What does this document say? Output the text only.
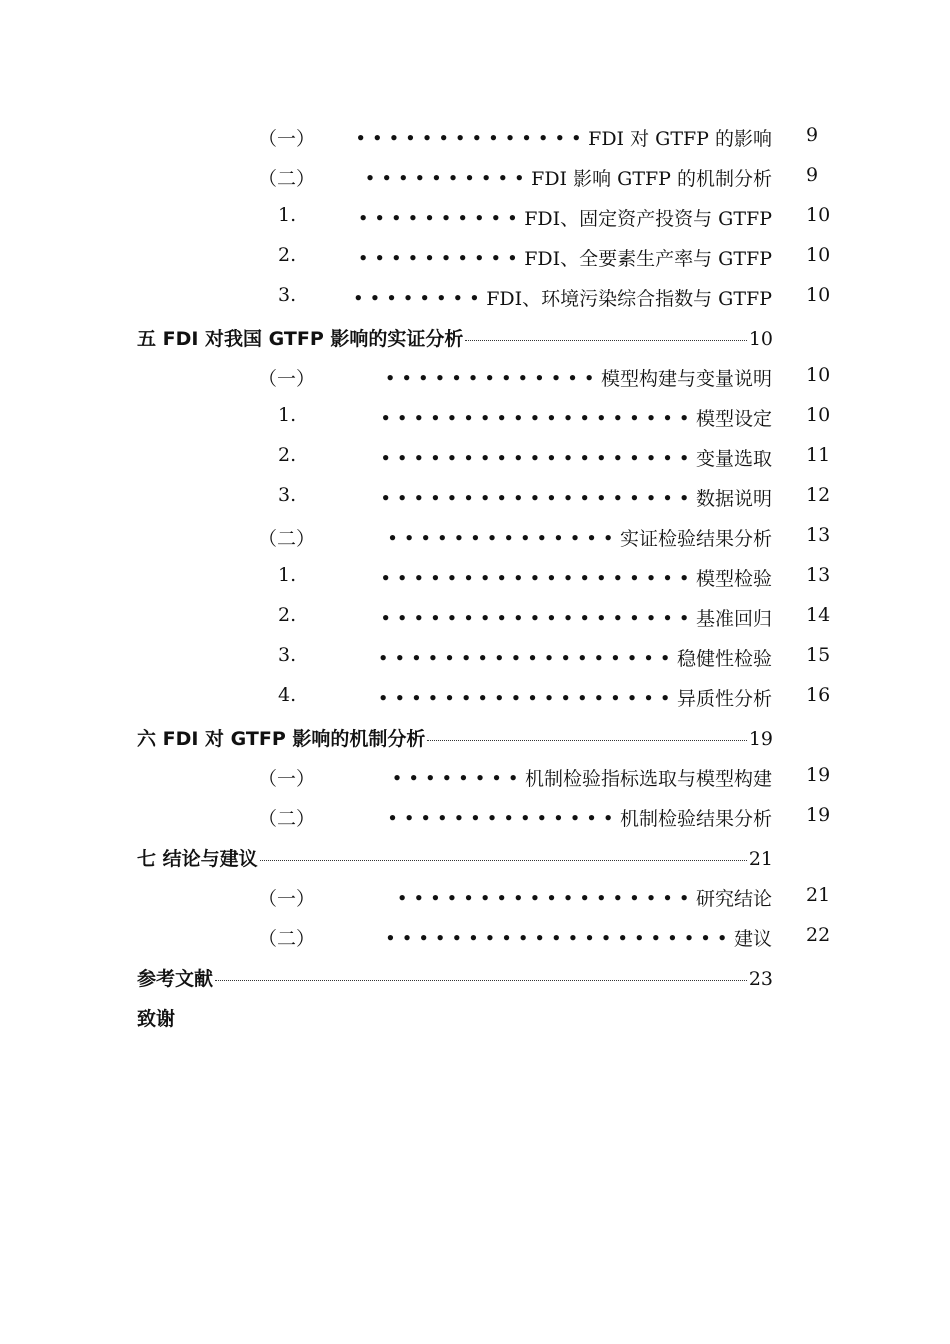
（一）	•••••••••••••• FDI 对 GTFP 的影响 9
（二）	•••••••••• FDI 影响 GTFP 的机制分析 9
1.	•••••••••• FDI、固定资产投资与 GTFP 10
2.	•••••••••• FDI、全要素生产率与 GTFP 10
3.	•••••••• FDI、环境污染综合指数与 GTFP 10
五 FDI 对我国 GTFP 影响的实证分析	10
（一）	••••••••••••• 模型构建与变量说明 10
1.	••••••••••••••••••• 模型设定 10
2.	••••••••••••••••••• 变量选取 11
3.	••••••••••••••••••• 数据说明 12
（二）	•••••••••••••• 实证检验结果分析 13
1.	••••••••••••••••••• 模型检验 13
2.	••••••••••••••••••• 基准回归 14
3.	•••••••••••••••••• 稳健性检验 15
4.	•••••••••••••••••• 异质性分析 16
六 FDI 对 GTFP 影响的机制分析	19
（一）	•••••••• 机制检验指标选取与模型构建 19
（二）	•••••••••••••• 机制检验结果分析 19
七 结论与建议	21
（一）	•••••••••••••••••• 研究结论 21
（二）	••••••••••••••••••••• 建议 22
参考文献	23
致谢
